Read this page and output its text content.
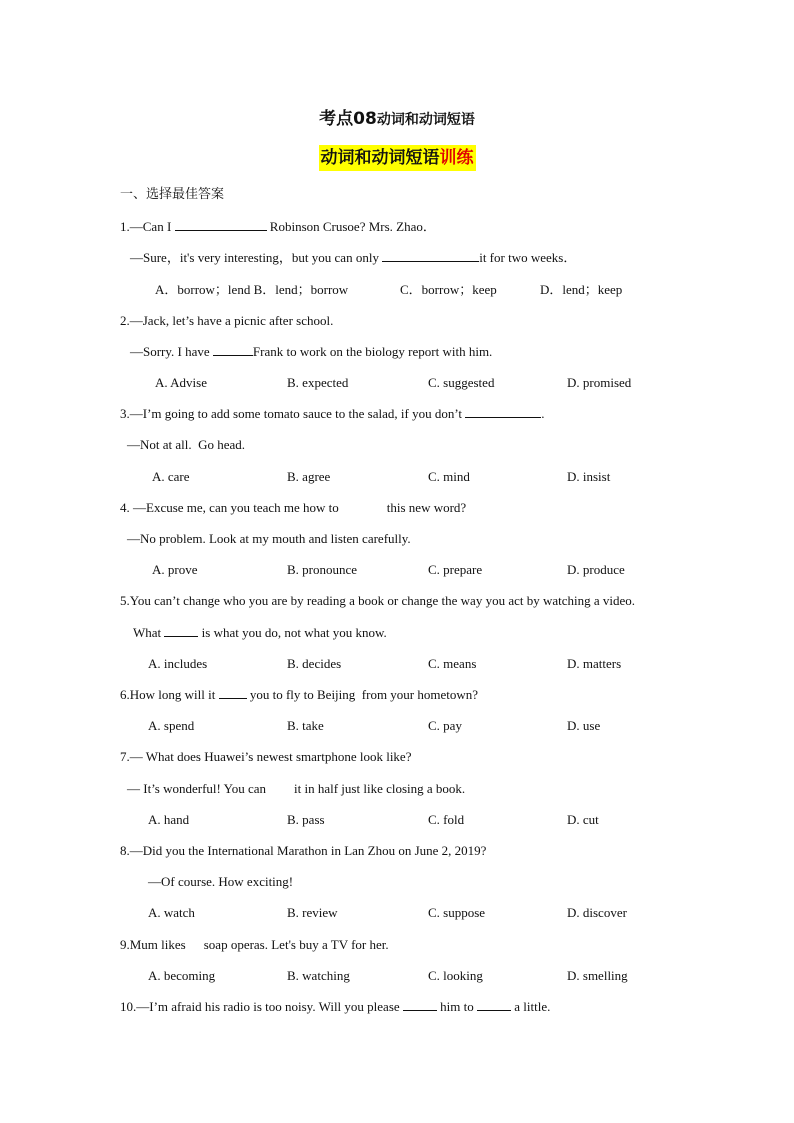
考点08动词和动词短语
动词和动词短语训练
一、选择最佳答案
1.—Can I	Robinson Crusoe? Mrs. Zhao．
—Sure，it's very interesting，but you can only	it for two weeks．
A．borrow；lend B．lend；borrow	C．borrow；keep	D．lend；keep
2.—Jack, let’s have a picnic after school.
—Sorry. I have	Frank to work on the biology report with him.
A. Advise	B. expected	C. suggested	D. promised
3.—I’m going to add some tomato sauce to the salad, if you don’t	.
—Not at all.  Go head.
A. care	B. agree	C. mind	D. insist
4. —Excuse me, can you teach me how to	this new word?
—No problem. Look at my mouth and listen carefully.
A. prove	B. pronounce	C. prepare	D. produce
5.You can’t change who you are by reading a book or change the way you act by watching a video.
What	is what you do, not what you know.
A. includes	B. decides	C. means	D. matters
6.How long will it  you to fly to Beijing  from your hometown?
A. spend	B. take	C. pay	D. use
7.— What does Huawei’s newest smartphone look like?
— It’s wonderful! You can it in half just like closing a book.
A. hand	B. pass	C. fold	D. cut
8.—Did you the International Marathon in Lan Zhou on June 2, 2019?
—Of course. How exciting!
A. watch	B. review	C. suppose	D. discover
9.Mum likes soap operas. Let's buy a TV for her.
A. becoming	B. watching	C. looking	D. smelling
10.—I’m afraid his radio is too noisy. Will you please	him to	a little.
